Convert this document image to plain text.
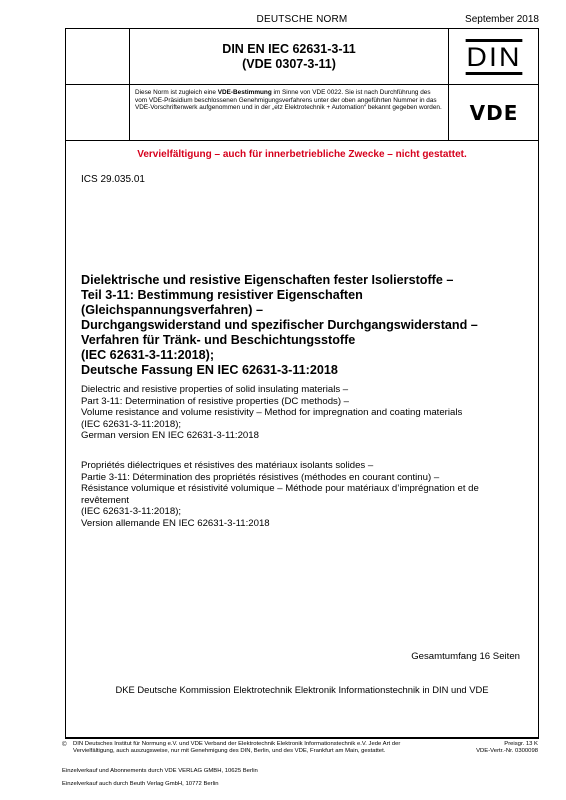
DEUTSCHE NORM	September 2018
DIN EN IEC 62631-3-11
(VDE 0307-3-11)	DIN
Diese Norm ist zugleich eine VDE-Bestimmung im Sinne von VDE 0022. Sie ist nach Durchführung des vom VDE-Präsidium beschlossenen Genehmigungsverfahrens unter der oben angeführten Nummer in das VDE-Vorschriftenwerk aufgenommen und in der „etz Elektrotechnik + Automation“ bekannt gegeben worden.	VDE
Vervielfältigung – auch für innerbetriebliche Zwecke – nicht gestattet.
ICS 29.035.01
Dielektrische und resistive Eigenschaften fester Isolierstoffe –
Teil 3-11: Bestimmung resistiver Eigenschaften
(Gleichspannungsverfahren) –
Durchgangswiderstand und spezifischer Durchgangswiderstand –
Verfahren für Tränk- und Beschichtungsstoffe
(IEC 62631-3-11:2018);
Deutsche Fassung EN IEC 62631-3-11:2018
Dielectric and resistive properties of solid insulating materials –
Part 3-11: Determination of resistive properties (DC methods) –
Volume resistance and volume resistivity – Method for impregnation and coating materials
(IEC 62631-3-11:2018);
German version EN IEC 62631-3-11:2018
Propriétés diélectriques et résistives des matériaux isolants solides –
Partie 3-11: Détermination des propriétés résistives (méthodes en courant continu) –
Résistance volumique et résistivité volumique – Méthode pour matériaux d’imprégnation et de
revêtement
(IEC 62631-3-11:2018);
Version allemande EN IEC 62631-3-11:2018
Gesamtumfang 16 Seiten
DKE Deutsche Kommission Elektrotechnik Elektronik Informationstechnik in DIN und VDE
© DIN Deutsches Institut für Normung e.V. und VDE Verband der Elektrotechnik Elektronik Informationstechnik e.V. Jede Art der Vervielfältigung, auch auszugsweise, nur mit Genehmigung des DIN, Berlin, und des VDE, Frankfurt am Main, gestattet.
Preisgr. 13 K
VDE-Vertr.-Nr. 0300098
Einzelverkauf und Abonnements durch VDE VERLAG GMBH, 10625 Berlin
Einzelverkauf auch durch Beuth Verlag GmbH, 10772 Berlin
